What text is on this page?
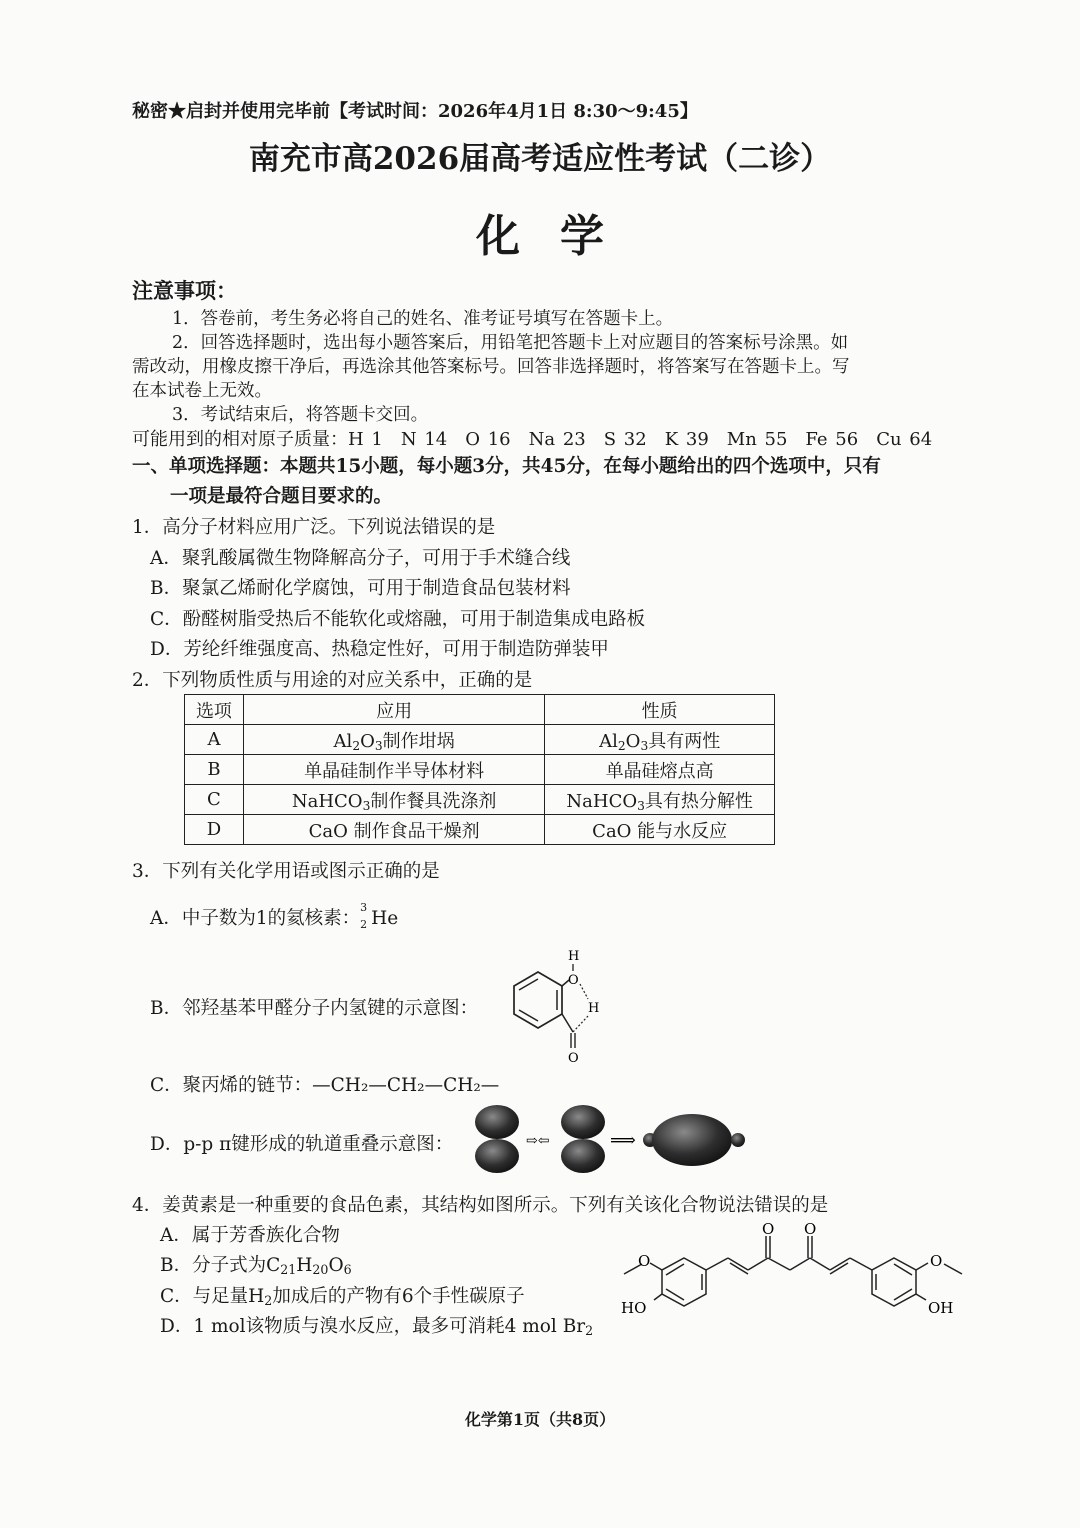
秘密★启封并使用完毕前【考试时间：2026年4月1日 8:30～9:45】
南充市高2026届高考适应性考试（二诊）
化学
注意事项：
1．答卷前，考生务必将自己的姓名、准考证号填写在答题卡上。
2．回答选择题时，选出每小题答案后，用铅笔把答题卡上对应题目的答案标号涂黑。如
需改动，用橡皮擦干净后，再选涂其他答案标号。回答非选择题时，将答案写在答题卡上。写
在本试卷上无效。
3．考试结束后，将答题卡交回。
可能用到的相对原子质量：H 1　N 14　O 16　Na 23　S 32　K 39　Mn 55　Fe 56　Cu 64
一、单项选择题：本题共15小题，每小题3分，共45分，在每小题给出的四个选项中，只有
一项是最符合题目要求的。
1．高分子材料应用广泛。下列说法错误的是
A．聚乳酸属微生物降解高分子，可用于手术缝合线
B．聚氯乙烯耐化学腐蚀，可用于制造食品包装材料
C．酚醛树脂受热后不能软化或熔融，可用于制造集成电路板
D．芳纶纤维强度高、热稳定性好，可用于制造防弹装甲
2．下列物质性质与用途的对应关系中，正确的是
选项	应用	性质
A	$Al_2O_3$制作坩埚	$Al_2O_3$具有两性
B	单晶硅制作半导体材料	单晶硅熔点高
C	NaHCO$_3$制作餐具洗涤剂	NaHCO$_3$具有热分解性
D	CaO 制作食品干燥剂	CaO 能与水反应
3．下列有关化学用语或图示正确的是
A．中子数为1的氦核素：
3
2 He
B．邻羟基苯甲醛分子内氢键的示意图：
O
H
H
O
C．聚丙烯的链节：—CH₂—CH₂—CH₂—
D．p-p π键形成的轨道重叠示意图：	⇨⇦	⟹
4．姜黄素是一种重要的食品色素，其结构如图所示。下列有关该化合物说法错误的是
A．属于芳香族化合物
B．分子式为$C_{21}H_{20}O_6$
C．与足量$H_2$加成后的产物有6个手性碳原子
D．1 mol该物质与溴水反应，最多可消耗4 mol $Br_2$
O
O O
O
HO	OH
化学第1页（共8页）
